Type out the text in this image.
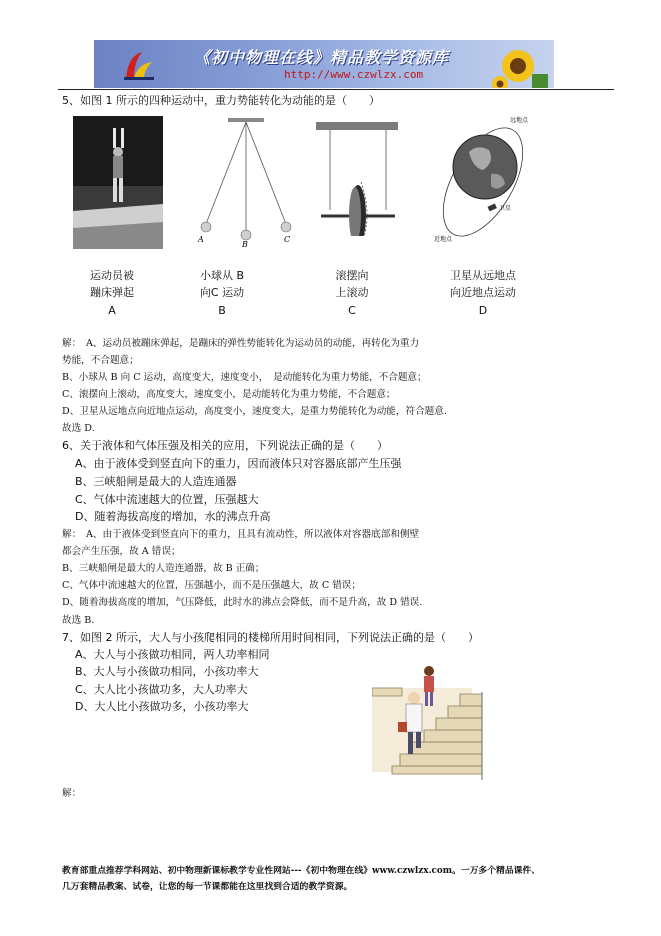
《初中物理在线》精品教学资源库
http://www.czwlzx.com
5、如图 1 所示的四种运动中，重力势能转化为动能的是（　　）
A
B
C
远地点
近地点
卫星
运动员被
蹦床弹起
小球从 B
向C 运动
滚摆向
上滚动
卫星从远地点
向近地点运动
A	B	C	D
解：　A、运动员被蹦床弹起，是蹦床的弹性势能转化为运动员的动能，再转化为重力
势能，不合题意；
B、小球从 B 向 C 运动，高度变大，速度变小，　是动能转化为重力势能，不合题意；
C、滚摆向上滚动，高度变大，速度变小，是动能转化为重力势能，不合题意；
D、卫星从远地点向近地点运动，高度变小，速度变大，是重力势能转化为动能，符合题意.
故选 D.
6、关于液体和气体压强及相关的应用，下列说法正确的是（　　）
A、由于液体受到竖直向下的重力，因而液体只对容器底部产生压强
B、三峡船闸是最大的人造连通器
C、气体中流速越大的位置，压强越大
D、随着海拔高度的增加，水的沸点升高
解：　A、由于液体受到竖直向下的重力，且具有流动性，所以液体对容器底部和侧壁
都会产生压强，故 A 错误；
B、三峡船闸是最大的人造连通器，故 B 正确；
C、气体中流速越大的位置，压强越小，而不是压强越大，故 C 错误；
D、随着海拔高度的增加，气压降低，此时水的沸点会降低，而不是升高，故 D 错误.
故选 B.
7、如图 2 所示，大人与小孩爬相同的楼梯所用时间相同，下列说法正确的是（　　）
A、大人与小孩做功相同，两人功率相同
B、大人与小孩做功相同，小孩功率大
C、大人比小孩做功多，大人功率大
D、大人比小孩做功多，小孩功率大
解：
教育部重点推荐学科网站、初中物理新课标教学专业性网站---《初中物理在线》www.czwlzx.com。一万多个精品课件、
几万套精品教案、试卷，让您的每一节课都能在这里找到合适的教学资源。
